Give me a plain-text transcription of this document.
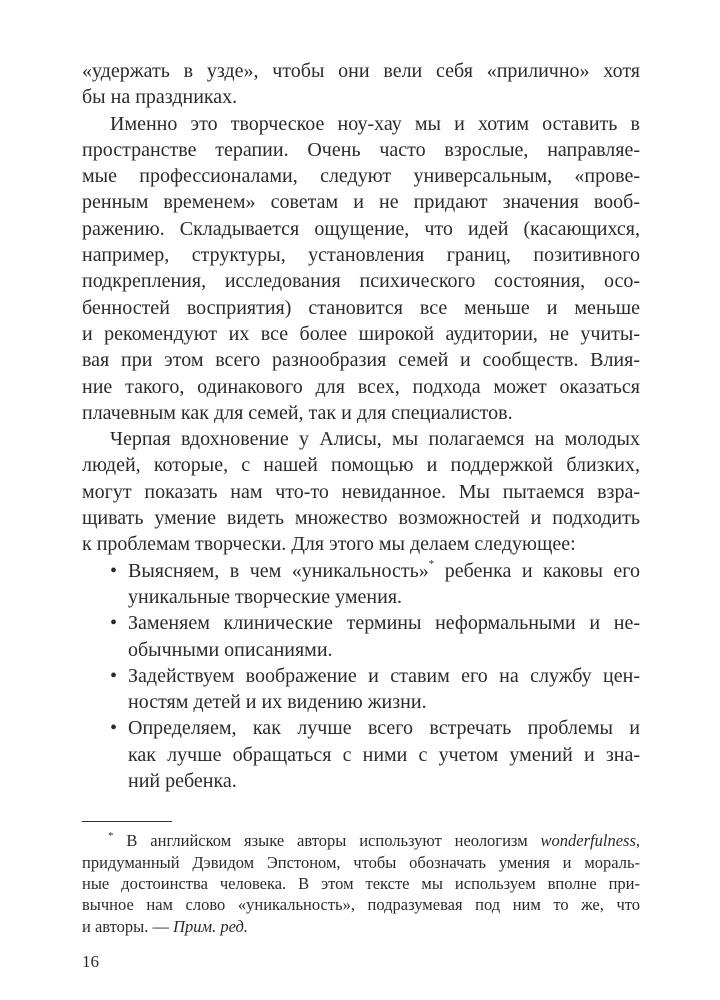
«удержать в узде», чтобы они вели себя «прилично» хотя
бы на праздниках.
Именно это творческое ноу-хау мы и хотим оставить в
пространстве терапии. Очень часто взрослые, направляе-
мые профессионалами, следуют универсальным, «прове-
ренным временем» советам и не придают значения вооб-
ражению. Складывается ощущение, что идей (касающихся,
например, структуры, установления границ, позитивного
подкрепления, исследования психического состояния, осо-
бенностей восприятия) становится все меньше и меньше
и рекомендуют их все более широкой аудитории, не учиты-
вая при этом всего разнообразия семей и сообществ. Влия-
ние такого, одинакового для всех, подхода может оказаться
плачевным как для семей, так и для специалистов.
Черпая вдохновение у Алисы, мы полагаемся на молодых
людей, которые, с нашей помощью и поддержкой близких,
могут показать нам что-то невиданное. Мы пытаемся взра-
щивать умение видеть множество возможностей и подходить
к проблемам творчески. Для этого мы делаем следующее:
• Выясняем, в чем «уникальность»* ребенка и каковы его
уникальные творческие умения.
• Заменяем клинические термины неформальными и не-
обычными описаниями.
• Задействуем воображение и ставим его на службу цен-
ностям детей и их видению жизни.
• Определяем, как лучше всего встречать проблемы и
как лучше обращаться с ними с учетом умений и зна-
ний ребенка.
* В английском языке авторы используют неологизм wonderfulness,
придуманный Дэвидом Эпстоном, чтобы обозначать умения и мораль-
ные достоинства человека. В этом тексте мы используем вполне при-
вычное нам слово «уникальность», подразумевая под ним то же, что
и авторы. — Прим. ред.
16
